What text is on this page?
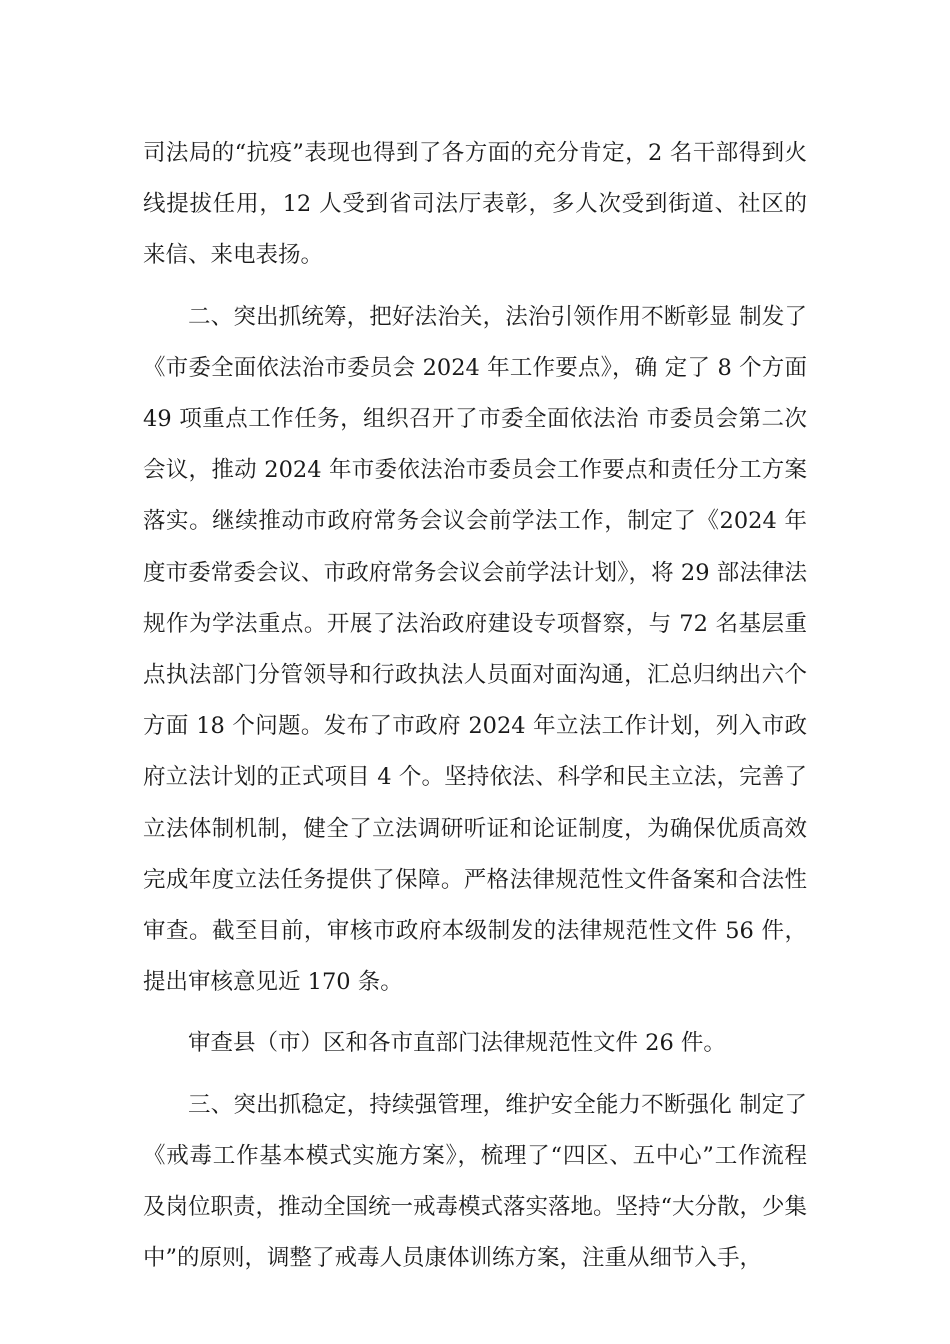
司法局的“抗疫”表现也得到了各方面的充分肯定，2 名干部得到火线提拔任用，12 人受到省司法厅表彰，多人次受到街道、社区的来信、来电表扬。

二、突出抓统筹，把好法治关，法治引领作用不断彰显 制发了《市委全面依法治市委员会 2024 年工作要点》，确 定了 8 个方面 49 项重点工作任务，组织召开了市委全面依法治 市委员会第二次会议，推动 2024 年市委依法治市委员会工作要点和责任分工方案落实。继续推动市政府常务会议会前学法工作，制定了《2024 年度市委常委会议、市政府常务会议会前学法计划》，将 29 部法律法规作为学法重点。开展了法治政府建设专项督察，与 72 名基层重点执法部门分管领导和行政执法人员面对面沟通，汇总归纳出六个方面 18 个问题。发布了市政府 2024 年立法工作计划，列入市政府立法计划的正式项目 4 个。坚持依法、科学和民主立法，完善了立法体制机制，健全了立法调研听证和论证制度，为确保优质高效完成年度立法任务提供了保障。严格法律规范性文件备案和合法性审查。截至目前，审核市政府本级制发的法律规范性文件 56 件，提出审核意见近 170 条。

审查县（市）区和各市直部门法律规范性文件 26 件。

三、突出抓稳定，持续强管理，维护安全能力不断强化 制定了《戒毒工作基本模式实施方案》，梳理了“四区、五中心”工作流程及岗位职责，推动全国统一戒毒模式落实落地。坚持“大分散，少集中”的原则，调整了戒毒人员康体训练方案，注重从细节入手，
